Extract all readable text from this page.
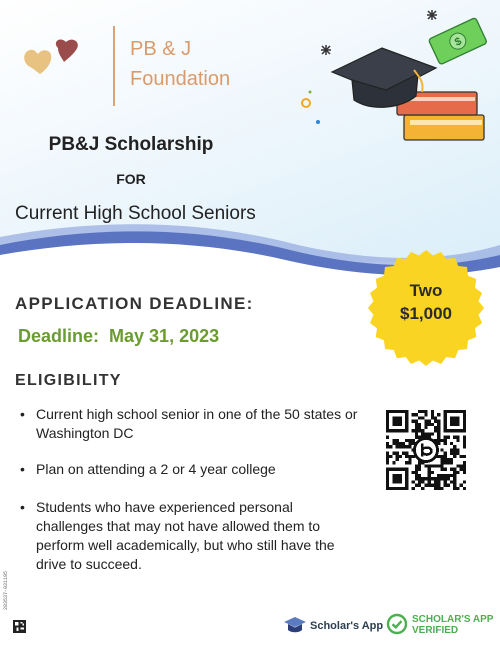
PB & J
Foundation
PB&J Scholarship
FOR
Current High School Seniors
$
Two
$1,000
APPLICATION DEADLINE:
Deadline: May 31, 2023
ELIGIBILITY
• Current high school senior in one of the 50 states or Washington DC
• Plan on attending a 2 or 4 year college
• Students who have experienced personal challenges that may not have allowed them to perform well academically, but who still have the drive to succeed.
283537-031195
Scholar's App
SCHOLAR'S APP
VERIFIED
